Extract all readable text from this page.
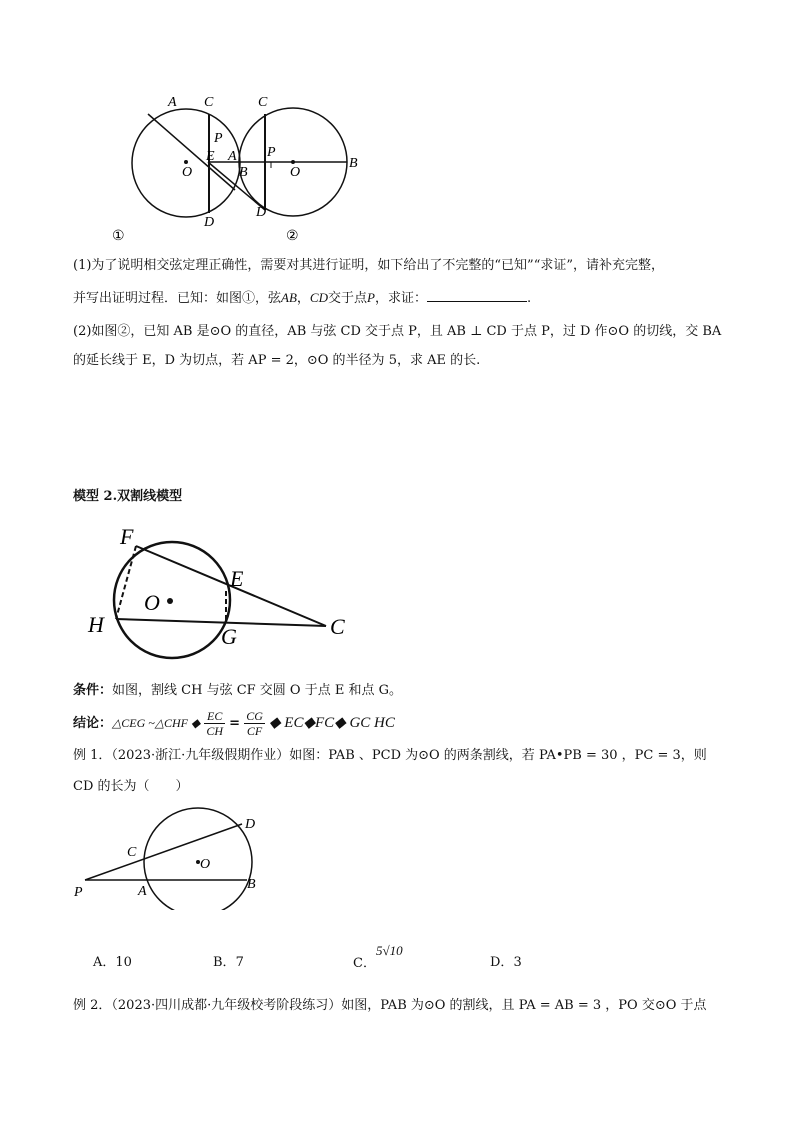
A C
P
O	B
D
①
C
E A P
O
B
D
②
(1)为了说明相交弦定理正确性，需要对其进行证明，如下给出了不完整的“已知”“求证”，请补充完整，
并写出证明过程．已知：如图①，弦AB，CD交于点P，求证：	.
(2)如图②，已知 AB 是⊙O 的直径，AB 与弦 CD 交于点 P，且 AB ⊥ CD 于点 P，过 D 作⊙O 的切线，交 BA
的延长线于 E，D 为切点，若 AP = 2，⊙O 的半径为 5，求 AE 的长.
模型 2.双割线模型
F
E
O
H	G	C
条件：如图，割线 CH 与弦 CF 交圆 O 于点 E 和点 G。
结论：△CEG ~△CHF ◆ $\frac{EC}{CH} = \frac{CG}{CF}$ ◆ EC◆FC◆ GC HC
例 1．（2023·浙江·九年级假期作业）如图：PAB 、PCD 为⊙O 的两条割线，若 PA•PB = 30 ，PC = 3，则
CD 的长为（　　）
C
D
O
P	A	B
A．10	B．7	C．5√10
D．3
例 2．（2023·四川成都·九年级校考阶段练习）如图，PAB 为⊙O 的割线，且 PA = AB = 3 ，PO 交⊙O 于点
